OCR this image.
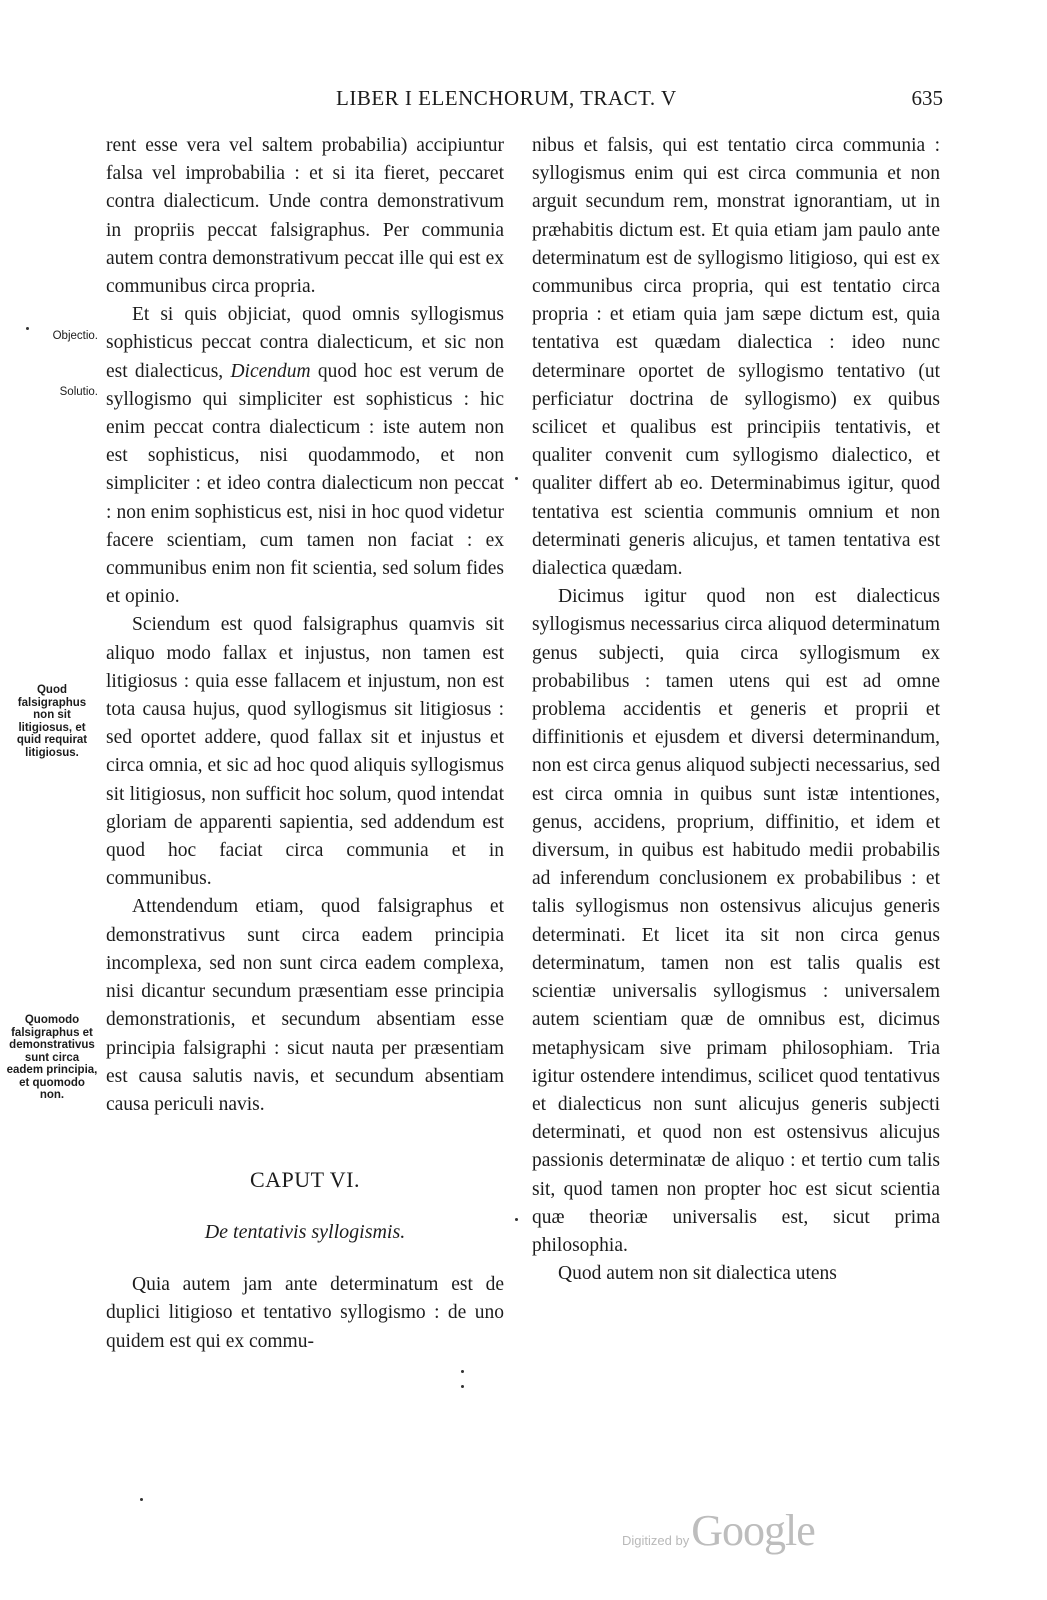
LIBER I ELENCHORUM, TRACT. V	635
Objectio.
Solutio.
Quod falsigraphus non sit litigiosus, et quid requirat litigiosus.
Quomodo falsigraphus et demonstrativus sunt circa eadem principia, et quomodo non.

rent esse vera vel saltem probabilia) accipiuntur falsa vel improbabilia : et si ita fieret, peccaret contra dialecticum. Unde contra demonstrativum in propriis peccat falsigraphus. Per communia autem contra demonstrativum peccat ille qui est ex communibus circa propria.

Et si quis objiciat, quod omnis syllogismus sophisticus peccat contra dialecticum, et sic non est dialecticus, Dicendum quod hoc est verum de syllogismo qui simpliciter est sophisticus : hic enim peccat contra dialecticum : iste autem non est sophisticus, nisi quodammodo, et non simpliciter : et ideo contra dialecticum non peccat : non enim sophisticus est, nisi in hoc quod videtur facere scientiam, cum tamen non faciat : ex communibus enim non fit scientia, sed solum fides et opinio.

Sciendum est quod falsigraphus quamvis sit aliquo modo fallax et injustus, non tamen est litigiosus : quia esse fallacem et injustum, non est tota causa hujus, quod syllogismus sit litigiosus : sed oportet addere, quod fallax sit et injustus et circa omnia, et sic ad hoc quod aliquis syllogismus sit litigiosus, non sufficit hoc solum, quod intendat gloriam de apparenti sapientia, sed addendum est quod hoc faciat circa communia et in communibus.

Attendendum etiam, quod falsigraphus et demonstrativus sunt circa eadem principia incomplexa, sed non sunt circa eadem complexa, nisi dicantur secundum præsentiam esse principia demonstrationis, et secundum absentiam esse principia falsigraphi : sicut nauta per præsentiam est causa salutis navis, et secundum absentiam causa periculi navis.

CAPUT VI.
De tentativis syllogismis.

Quia autem jam ante determinatum est de duplici litigioso et tentativo syllogismo : de uno quidem est qui ex commu-

nibus et falsis, qui est tentatio circa communia : syllogismus enim qui est circa communia et non arguit secundum rem, monstrat ignorantiam, ut in præhabitis dictum est. Et quia etiam jam paulo ante determinatum est de syllogismo litigioso, qui est ex communibus circa propria, qui est tentatio circa propria : et etiam quia jam sæpe dictum est, quia tentativa est quædam dialectica : ideo nunc determinare oportet de syllogismo tentativo (ut perficiatur doctrina de syllogismo) ex quibus scilicet et qualibus est principiis tentativis, et qualiter convenit cum syllogismo dialectico, et qualiter differt ab eo. Determinabimus igitur, quod tentativa est scientia communis omnium et non determinati generis alicujus, et tamen tentativa est dialectica quædam.

Dicimus igitur quod non est dialecticus syllogismus necessarius circa aliquod determinatum genus subjecti, quia circa syllogismum ex probabilibus : tamen utens qui est ad omne problema accidentis et generis et proprii et diffinitionis et ejusdem et diversi determinandum, non est circa genus aliquod subjecti necessarius, sed est circa omnia in quibus sunt istæ intentiones, genus, accidens, proprium, diffinitio, et idem et diversum, in quibus est habitudo medii probabilis ad inferendum conclusionem ex probabilibus : et talis syllogismus non ostensivus alicujus generis determinati. Et licet ita sit non circa genus determinatum, tamen non est talis qualis est scientiæ universalis syllogismus : universalem autem scientiam quæ de omnibus est, dicimus metaphysicam sive primam philosophiam. Tria igitur ostendere intendimus, scilicet quod tentativus et dialecticus non sunt alicujus generis subjecti determinati, et quod non est ostensivus alicujus passionis determinatæ de aliquo : et tertio cum talis sit, quod tamen non propter hoc est sicut scientia quæ theoriæ universalis est, sicut prima philosophia.

Quod autem non sit dialectica utens

Digitized by Google
